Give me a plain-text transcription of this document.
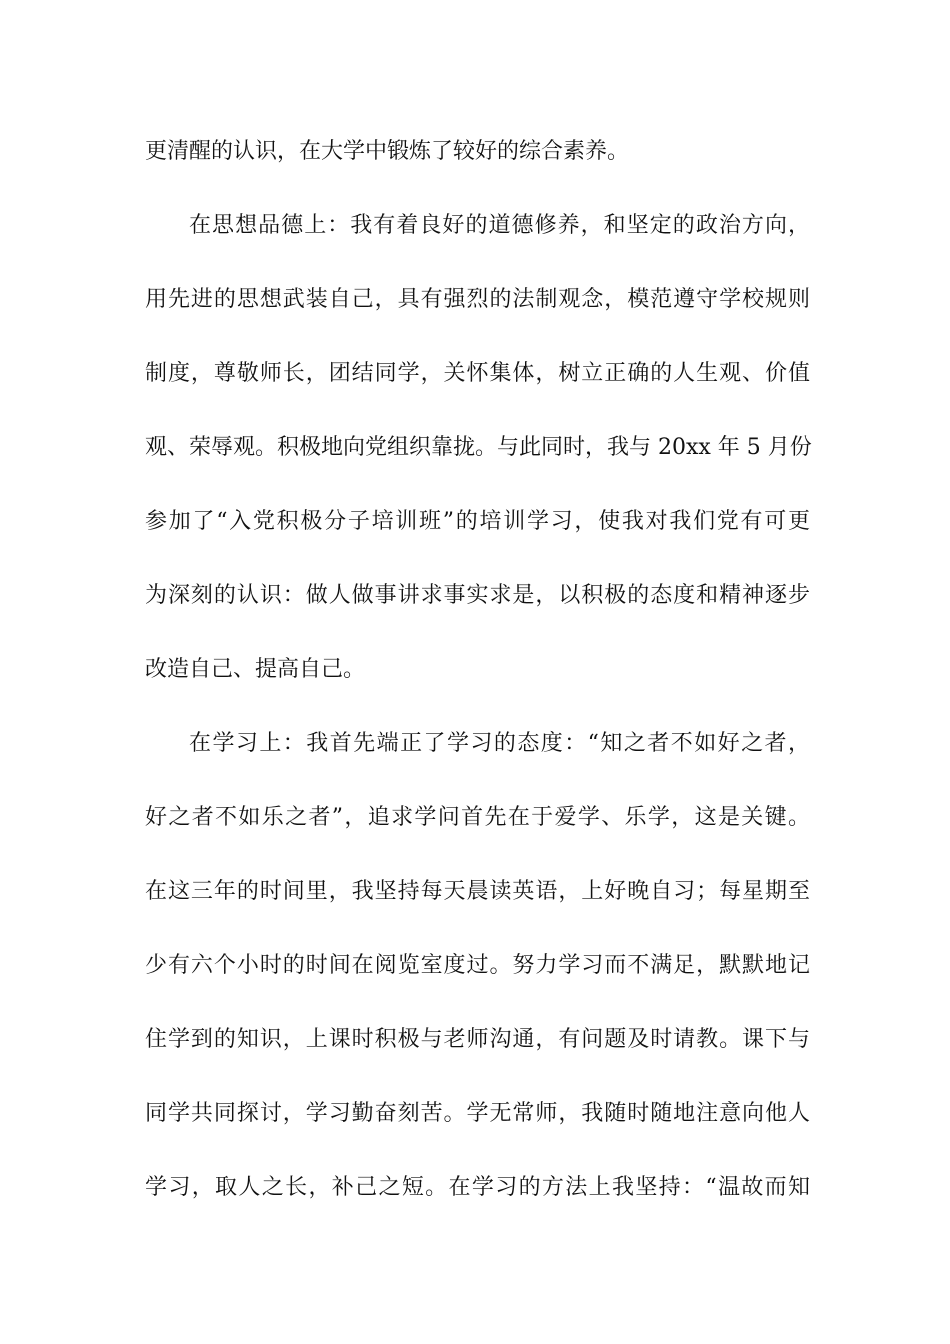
更清醒的认识，在大学中锻炼了较好的综合素养。
在思想品德上：我有着良好的道德修养，和坚定的政治方向，
用先进的思想武装自己，具有强烈的法制观念，模范遵守学校规则
制度，尊敬师长，团结同学，关怀集体，树立正确的人生观、价值
观、荣辱观。积极地向党组织靠拢。与此同时，我与 20xx 年 5 月份
参加了“入党积极分子培训班”的培训学习，使我对我们党有可更
为深刻的认识：做人做事讲求事实求是，以积极的态度和精神逐步
改造自己、提高自己。
在学习上：我首先端正了学习的态度：“知之者不如好之者，
好之者不如乐之者”，追求学问首先在于爱学、乐学，这是关键。
在这三年的时间里，我坚持每天晨读英语，上好晚自习；每星期至
少有六个小时的时间在阅览室度过。努力学习而不满足，默默地记
住学到的知识，上课时积极与老师沟通，有问题及时请教。课下与
同学共同探讨，学习勤奋刻苦。学无常师，我随时随地注意向他人
学习，取人之长，补己之短。在学习的方法上我坚持：“温故而知
